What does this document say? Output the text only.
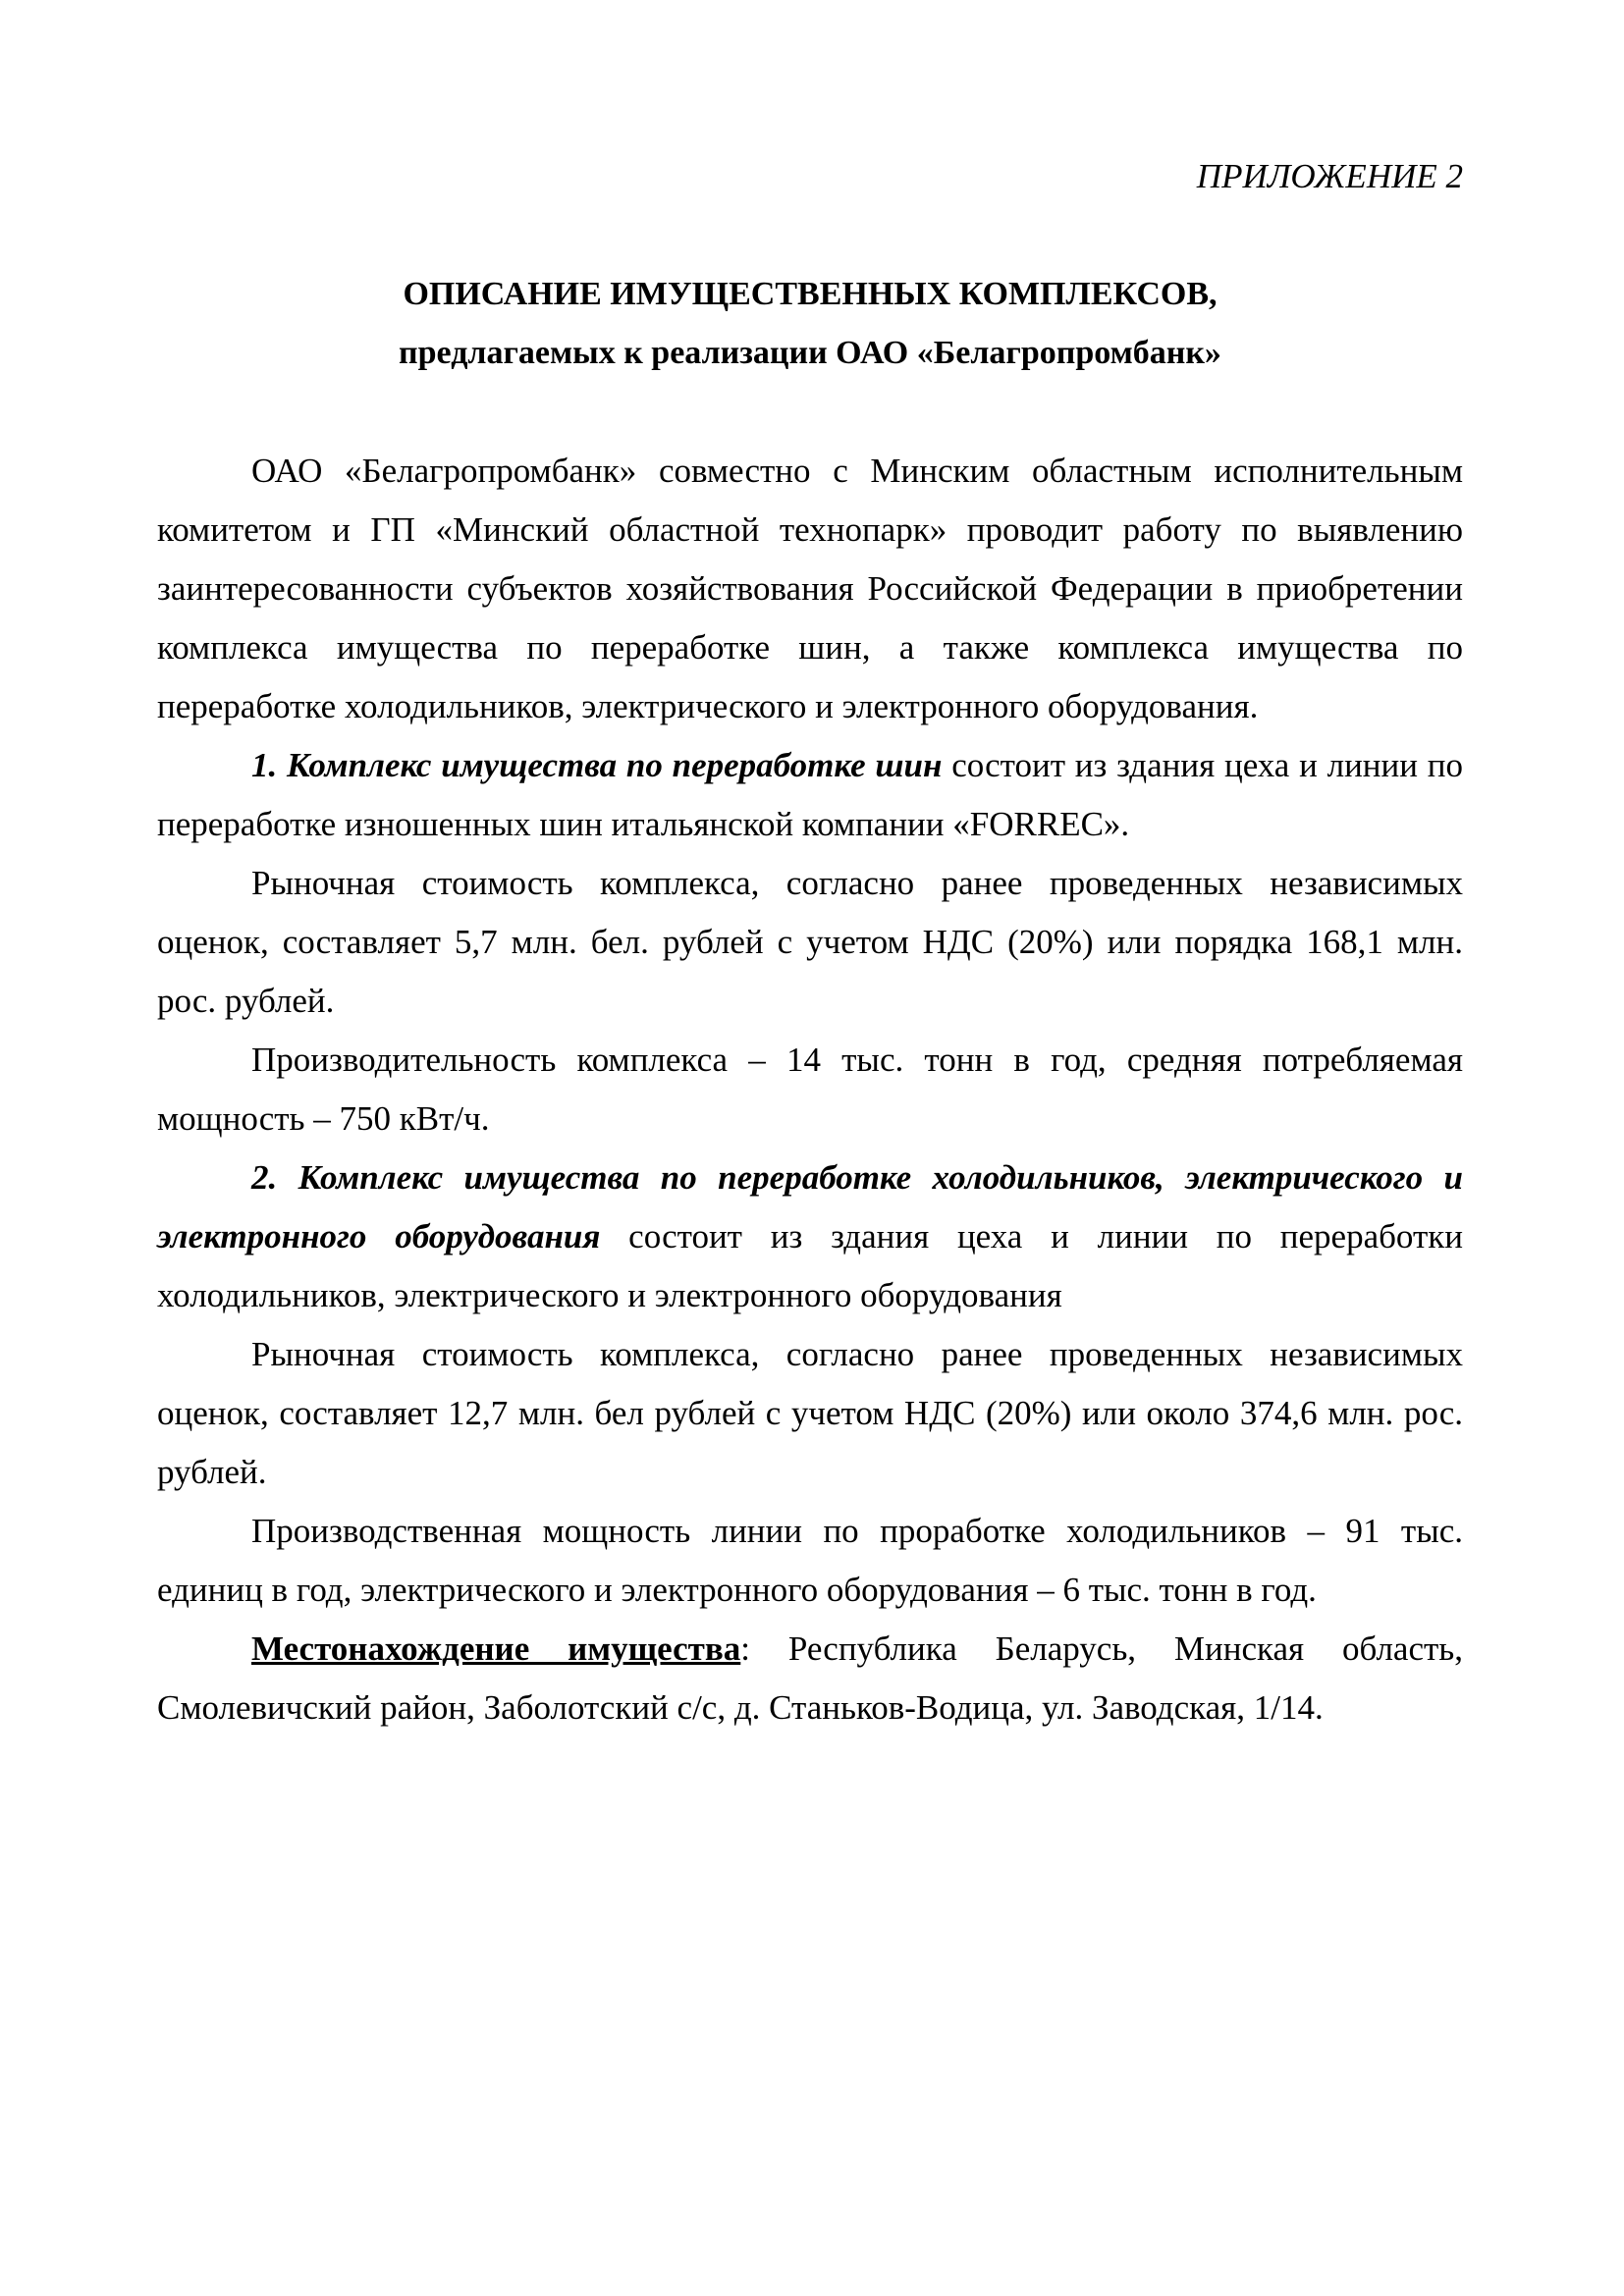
ПРИЛОЖЕНИЕ 2

ОПИСАНИЕ ИМУЩЕСТВЕННЫХ КОМПЛЕКСОВ,

предлагаемых к реализации ОАО «Белагропромбанк»

ОАО «Белагропромбанк» совместно с Минским областным исполнительным комитетом и ГП «Минский областной технопарк» проводит работу по выявлению заинтересованности субъектов хозяйствования Российской Федерации в приобретении комплекса имущества по переработке шин, а также комплекса имущества по переработке холодильников, электрического и электронного оборудования.

1. Комплекс имущества по переработке шин состоит из здания цеха и линии по переработке изношенных шин итальянской компании «FORREC».

Рыночная стоимость комплекса, согласно ранее проведенных независимых оценок, составляет 5,7 млн. бел. рублей с учетом НДС (20%) или порядка 168,1 млн. рос. рублей.

Производительность комплекса – 14 тыс. тонн в год, средняя потребляемая мощность – 750 кВт/ч.

2. Комплекс имущества по переработке холодильников, электрического и электронного оборудования состоит из здания цеха и линии по переработки холодильников, электрического и электронного оборудования

Рыночная стоимость комплекса, согласно ранее проведенных независимых оценок, составляет 12,7 млн. бел рублей с учетом НДС (20%) или около 374,6 млн. рос. рублей.

Производственная мощность линии по проработке холодильников – 91 тыс. единиц в год, электрического и электронного оборудования – 6 тыс. тонн в год.

Местонахождение имущества: Республика Беларусь, Минская область, Смолевичский район, Заболотский с/с, д. Станьков-Водица, ул. Заводская, 1/14.
